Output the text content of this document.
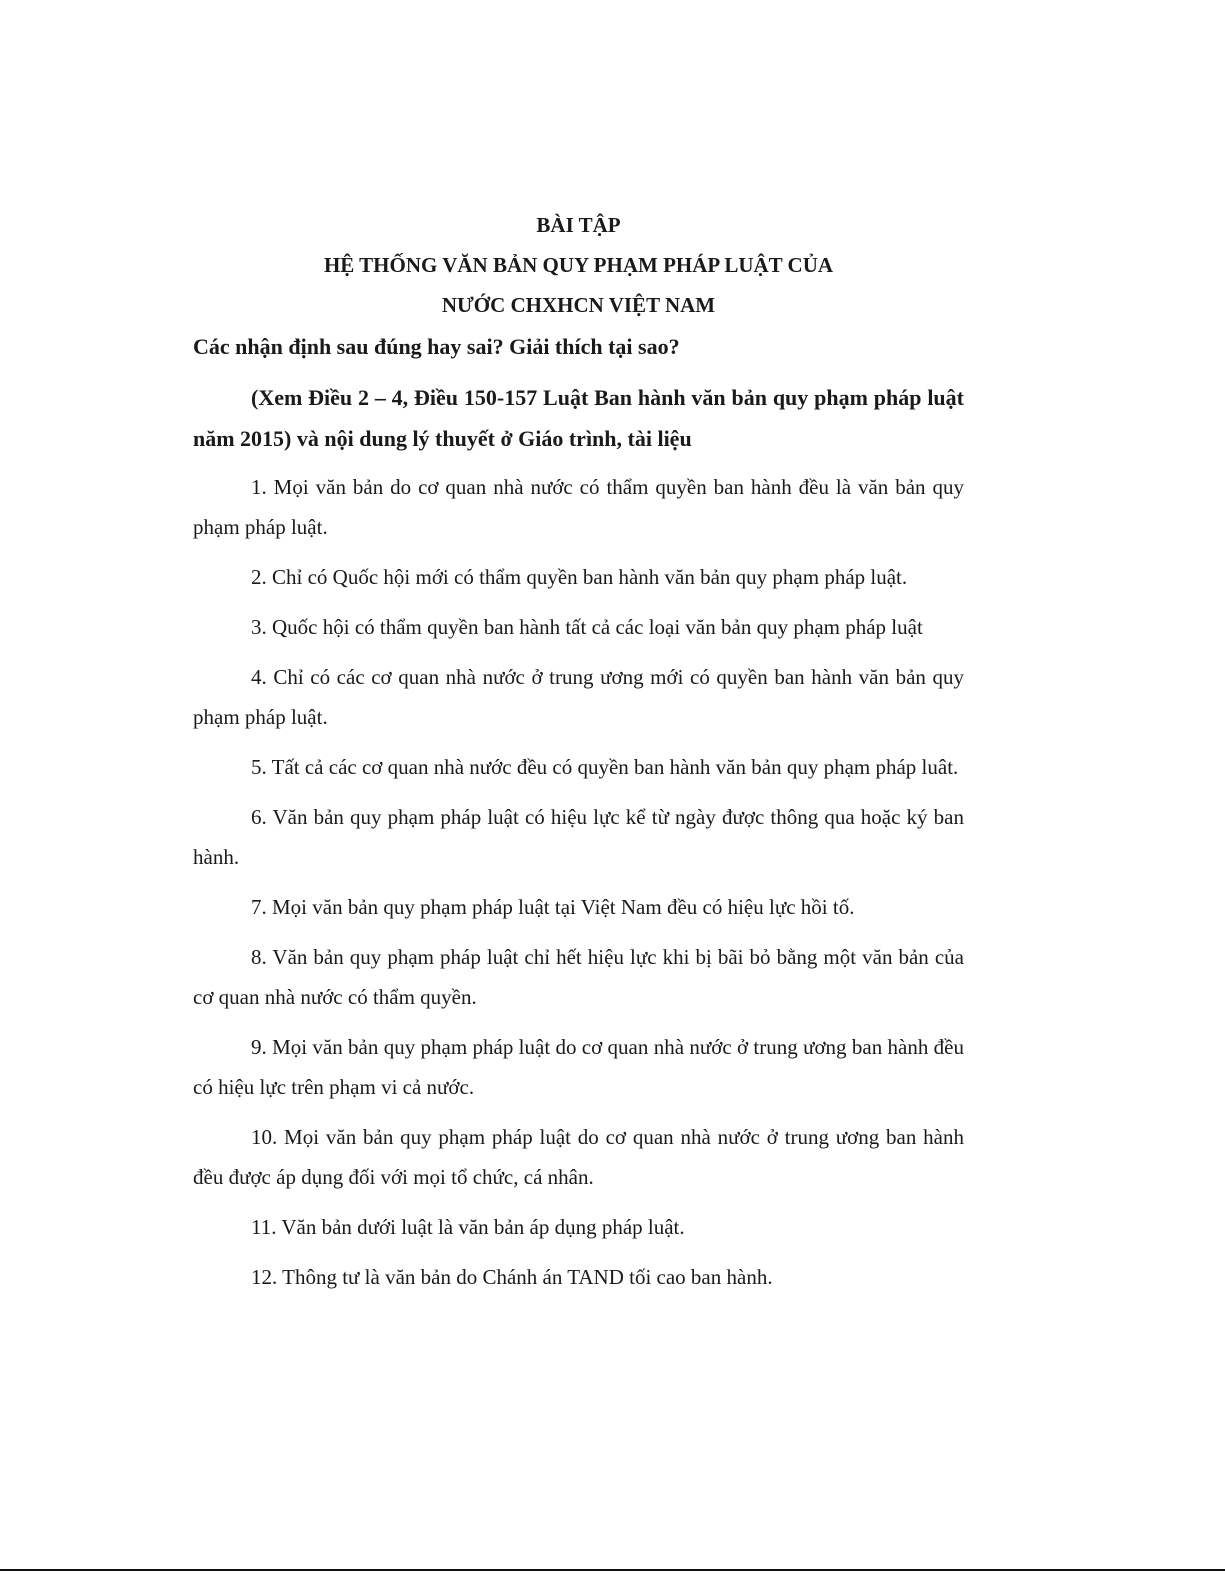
BÀI TẬP

HỆ THỐNG VĂN BẢN QUY PHẠM PHÁP LUẬT CỦA

NƯỚC CHXHCN VIỆT NAM

Các nhận định sau đúng hay sai? Giải thích tại sao?

(Xem Điều 2 – 4, Điều 150-157 Luật Ban hành văn bản quy phạm pháp luật năm 2015) và nội dung lý thuyết ở Giáo trình, tài liệu

1. Mọi văn bản do cơ quan nhà nước có thẩm quyền ban hành đều là văn bản quy phạm pháp luật.

2. Chỉ có Quốc hội mới có thẩm quyền ban hành văn bản quy phạm pháp luật.

3. Quốc hội có thẩm quyền ban hành tất cả các loại văn bản quy phạm pháp luật

4. Chỉ có các cơ quan nhà nước ở trung ương mới có quyền ban hành văn bản quy phạm pháp luật.

5. Tất cả các cơ quan nhà nước đều có quyền ban hành văn bản quy phạm pháp luât.

6. Văn bản quy phạm pháp luật có hiệu lực kể từ ngày được thông qua hoặc ký ban hành.

7. Mọi văn bản quy phạm pháp luật tại Việt Nam đều có hiệu lực hồi tố.

8. Văn bản quy phạm pháp luật chỉ hết hiệu lực khi bị bãi bỏ bằng một văn bản của cơ quan nhà nước có thẩm quyền.

9. Mọi văn bản quy phạm pháp luật do cơ quan nhà nước ở trung ương ban hành đều có hiệu lực trên phạm vi cả nước.

10. Mọi văn bản quy phạm pháp luật do cơ quan nhà nước ở trung ương ban hành đều được áp dụng đối với mọi tổ chức, cá nhân.

11. Văn bản dưới luật là văn bản áp dụng pháp luật.

12. Thông tư là văn bản do Chánh án TAND tối cao ban hành.
